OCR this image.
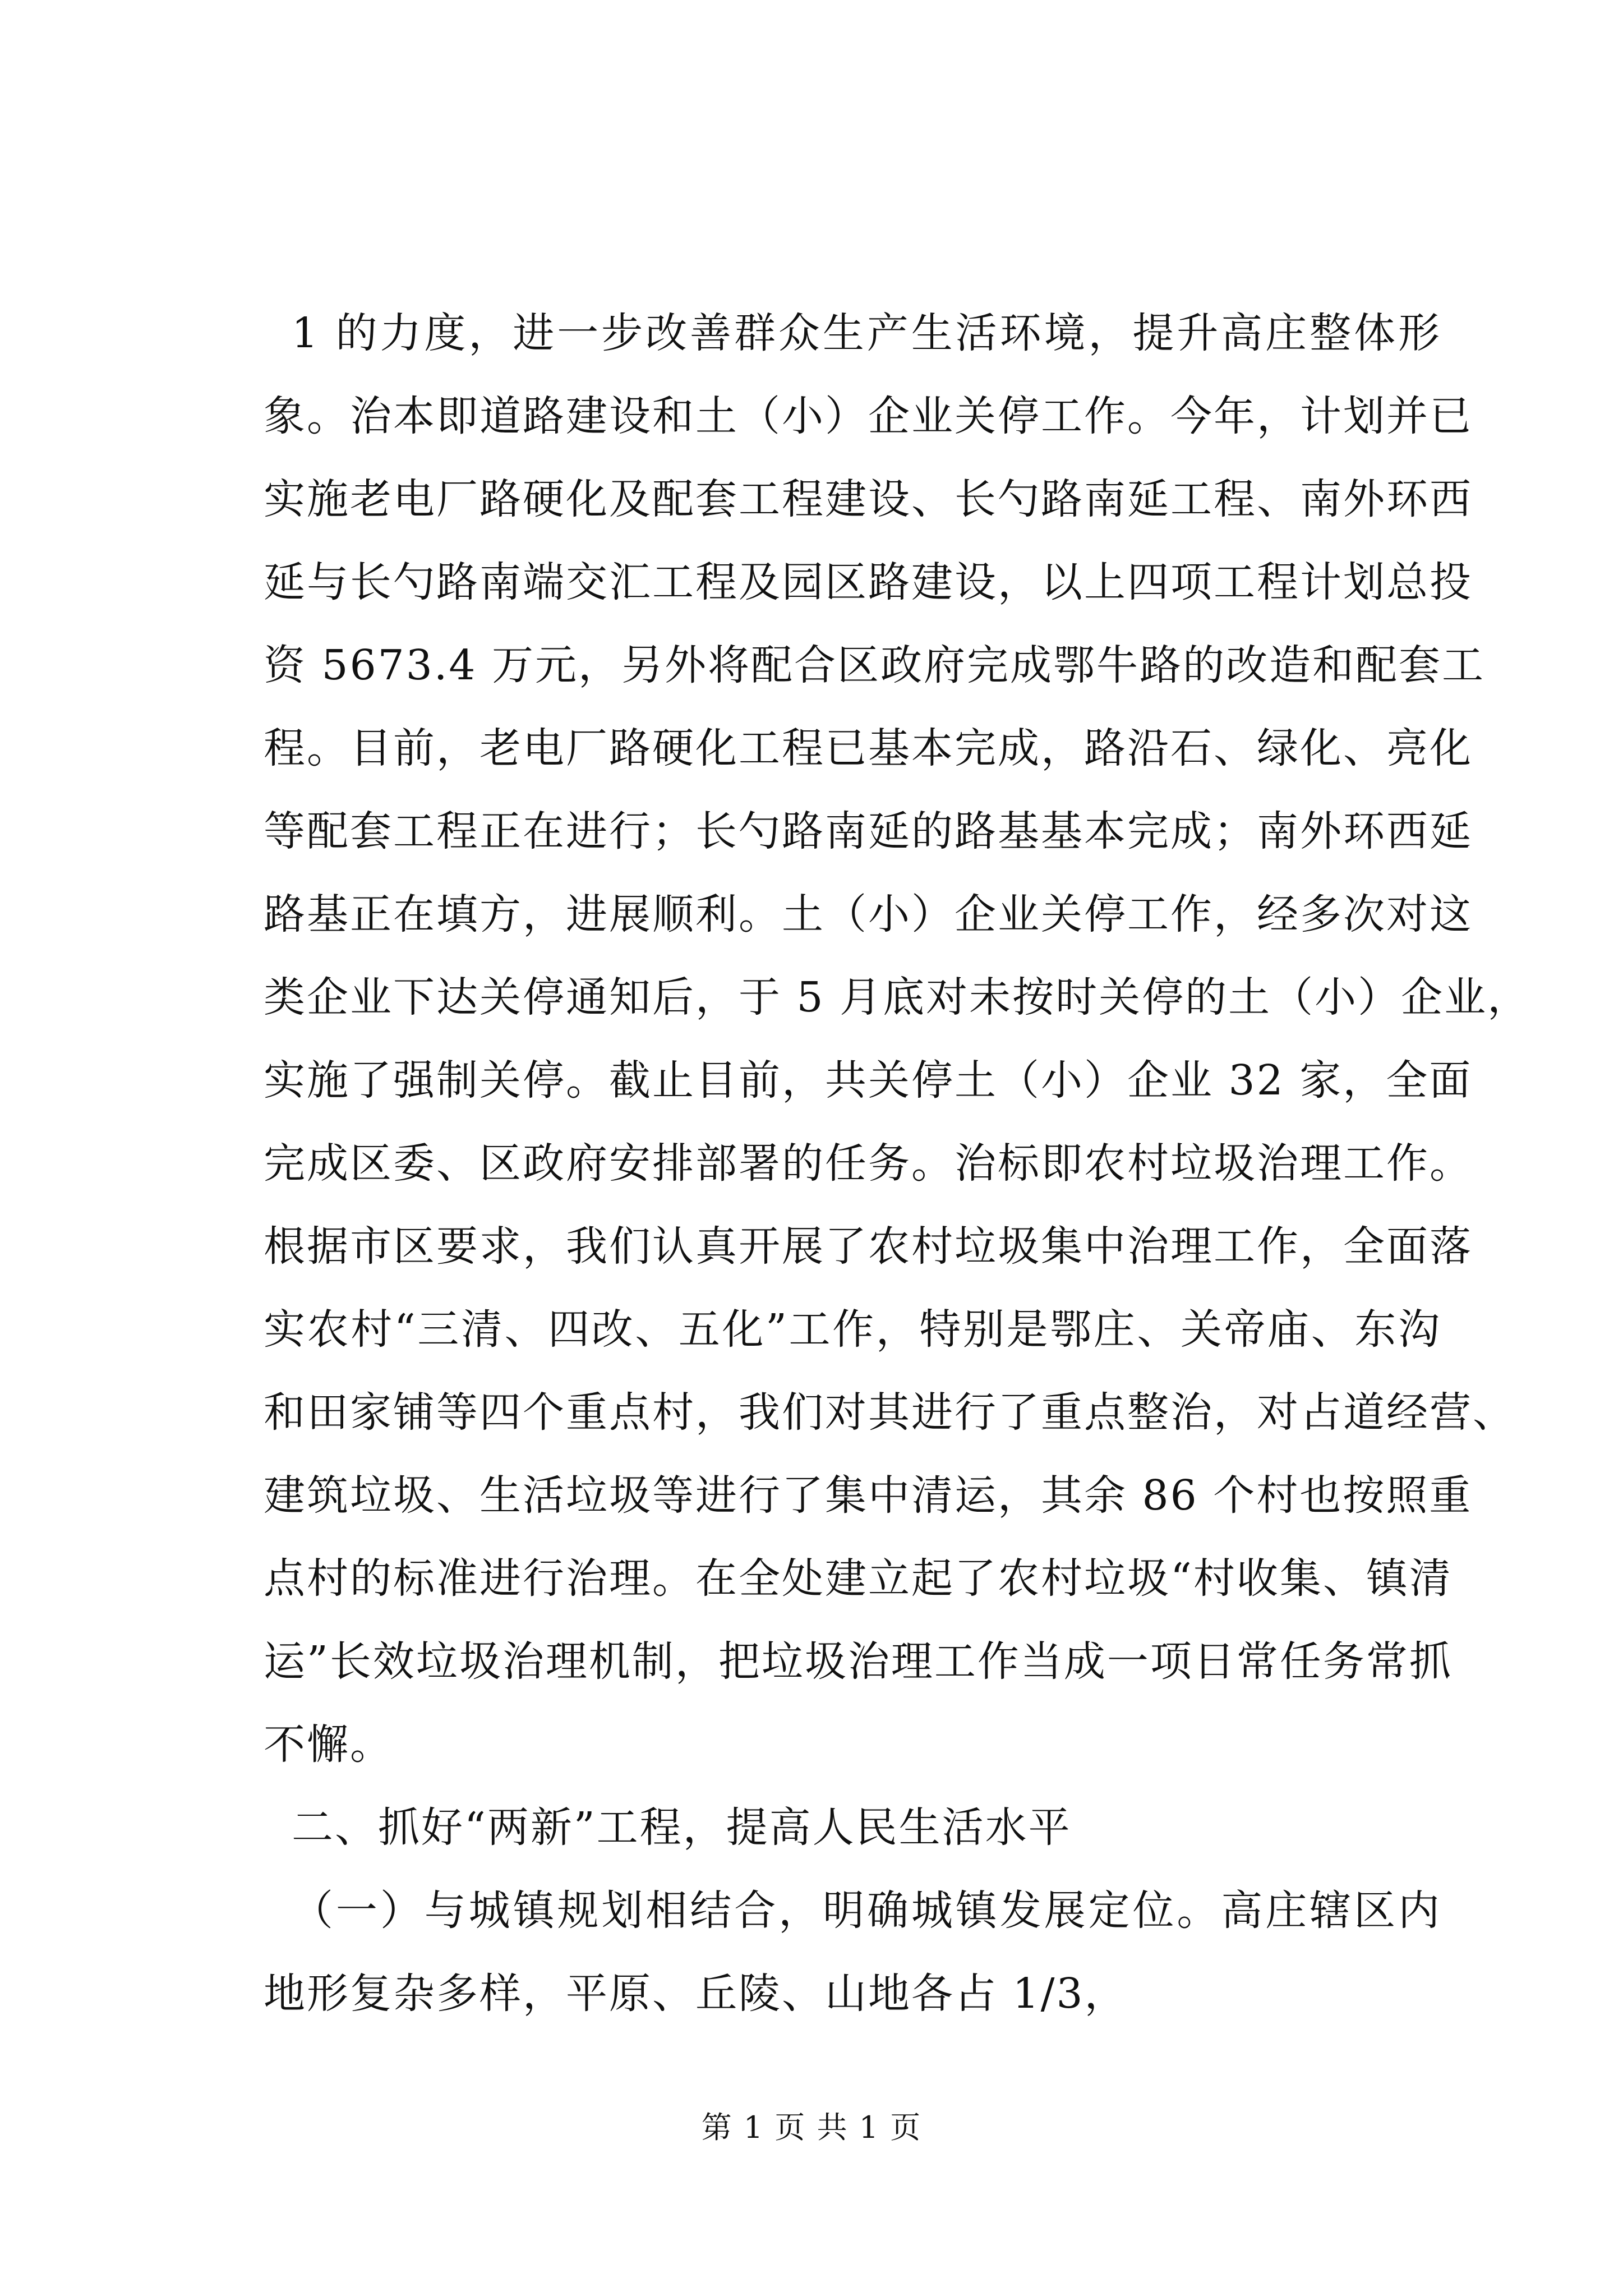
1 的力度，进一步改善群众生产生活环境，提升高庄整体形
象。治本即道路建设和土（小）企业关停工作。今年，计划并已
实施老电厂路硬化及配套工程建设、长勺路南延工程、南外环西
延与长勺路南端交汇工程及园区路建设，以上四项工程计划总投
资 5673.4 万元，另外将配合区政府完成鄂牛路的改造和配套工
程。目前，老电厂路硬化工程已基本完成，路沿石、绿化、亮化
等配套工程正在进行；长勺路南延的路基基本完成；南外环西延
路基正在填方，进展顺利。土（小）企业关停工作，经多次对这
类企业下达关停通知后，于 5 月底对未按时关停的土（小）企业，
实施了强制关停。截止目前，共关停土（小）企业 32 家，全面
完成区委、区政府安排部署的任务。治标即农村垃圾治理工作。
根据市区要求，我们认真开展了农村垃圾集中治理工作，全面落
实农村“三清、四改、五化”工作，特别是鄂庄、关帝庙、东沟
和田家铺等四个重点村，我们对其进行了重点整治，对占道经营、
建筑垃圾、生活垃圾等进行了集中清运，其余 86 个村也按照重
点村的标准进行治理。在全处建立起了农村垃圾“村收集、镇清
运”长效垃圾治理机制，把垃圾治理工作当成一项日常任务常抓
不懈。
二、抓好“两新”工程，提高人民生活水平
（一）与城镇规划相结合，明确城镇发展定位。高庄辖区内
地形复杂多样，平原、丘陵、山地各占 1/3，
第 1 页 共 1 页
